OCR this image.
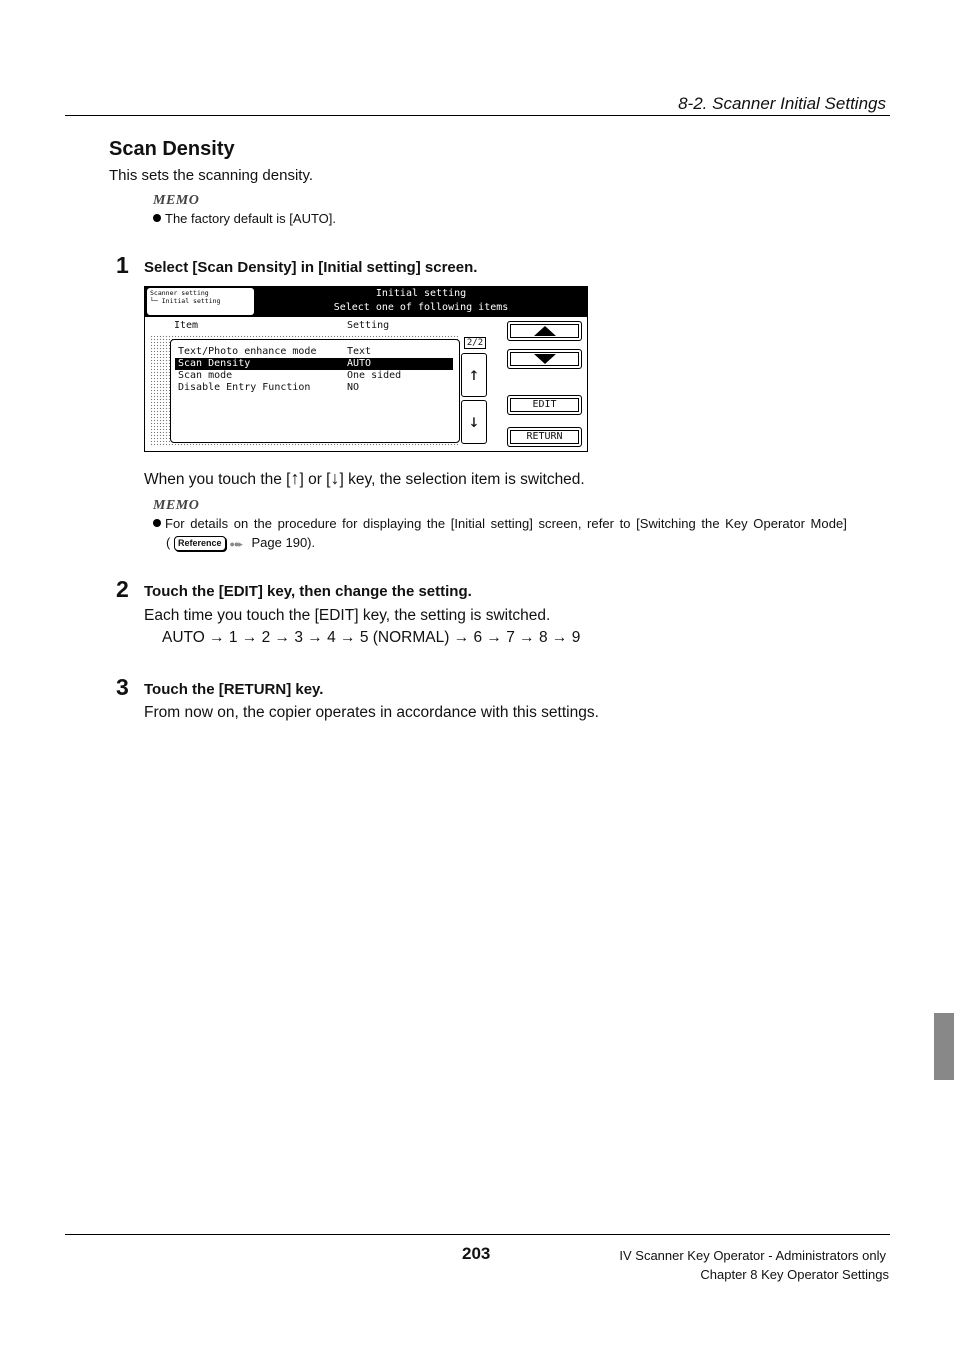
8-2. Scanner Initial Settings
Scan Density
This sets the scanning density.
MEMO
The factory default is [AUTO].
1 Select [Scan Density] in [Initial setting] screen.
Scanner setting
└─ Initial setting
Initial setting
Select one of following items
Item	Setting
Text/Photo enhance mode	Text
Scan Density	AUTO
Scan mode	One sided
Disable Entry Function	NO
2/2
↑
↓
EDIT
RETURN
When you touch the [↑] or [↓] key, the selection item is switched.
MEMO
For details on the procedure for displaying the [Initial setting] screen, refer to [Switching the Key Operator Mode]
( Reference ●●▸ Page 190).
2 Touch the [EDIT] key, then change the setting.
Each time you touch the [EDIT] key, the setting is switched.
AUTO → 1 → 2 → 3 → 4 → 5 (NORMAL) → 6 → 7 → 8 → 9
3 Touch the [RETURN] key.
From now on, the copier operates in accordance with this settings.
203	IV Scanner Key Operator - Administrators only
Chapter 8 Key Operator Settings
